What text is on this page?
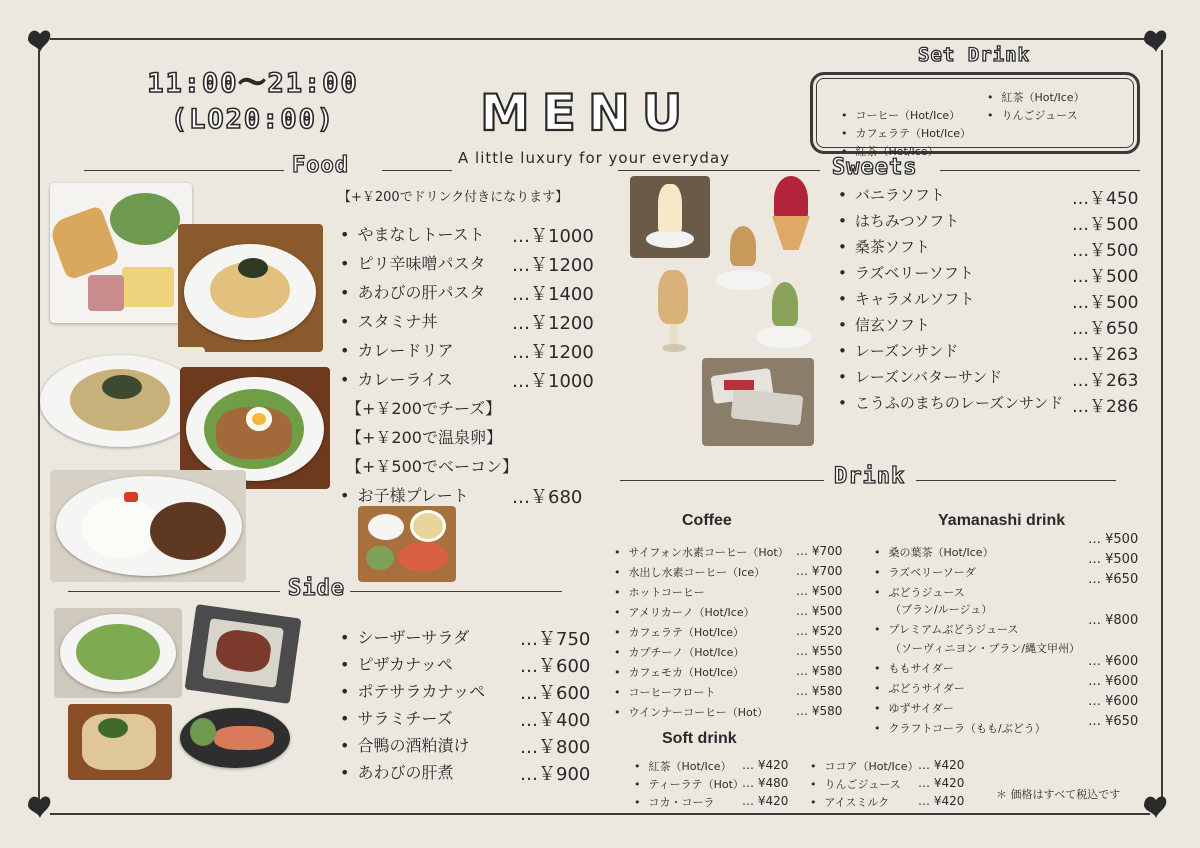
11:00～21:00
(LO20:00)	MENU
A little luxury for your everyday
Food
【+￥200でドリンク付きになります】
• やまなしトースト …￥1000
• ピリ辛味噌パスタ …￥1200
• あわびの肝パスタ …￥1400
• スタミナ丼	…￥1200
• カレードリア	…￥1200
• カレーライス	…￥1000
【+￥200でチーズ】
【+￥200で温泉卵】
【+￥500でベーコン】
• お子様プレート …￥680
Side
• シーザーサラダ	…￥750
• ピザカナッペ	…￥600
• ポテサラカナッペ …￥600
• サラミチーズ	…￥400
• 合鴨の酒粕漬け	…￥800
• あわびの肝煮	…￥900
Set Drink
• コーヒー（Hot/Ice）
• カフェラテ（Hot/Ice）
• 紅茶（Hot/Ice）
• 紅茶（Hot/Ice）
• りんごジュース
Sweets
• バニラソフト	…￥450
• はちみつソフト	…￥500
• 桑茶ソフト	…￥500
• ラズベリーソフト	…￥500
• キャラメルソフト	…￥500
• 信玄ソフト	…￥650
• レーズンサンド	…￥263
• レーズンバターサンド	…￥263
• こうふのまちのレーズンサンド …￥286
Drink
Coffee
• サイフォン水素コーヒー（Hot） … ¥700
• 水出し水素コーヒー（Ice）	… ¥700
• ホットコーヒー	… ¥500
• アメリカーノ（Hot/Ice）	… ¥500
• カフェラテ（Hot/Ice）	… ¥520
• カプチーノ（Hot/Ice）	… ¥550
• カフェモカ（Hot/Ice）	… ¥580
• コーヒーフロート	… ¥580
• ウインナーコーヒー（Hot） … ¥580
Yamanashi drink
• 桑の葉茶（Hot/Ice）
… ¥500
• ラズベリーソーダ
… ¥500
• ぶどうジュース
… ¥650
（ブラン/ルージュ）
• プレミアムぶどうジュース
… ¥800
（ソーヴィニヨン・ブラン/縄文甲州）
• ももサイダー	… ¥600
• ぶどうサイダー	… ¥600
• ゆずサイダー	… ¥600
• クラフトコーラ（もも/ぶどう）	… ¥650
Soft drink
• 紅茶（Hot/Ice） … ¥420
• ティーラテ（Hot）
… ¥480
• コカ・コーラ … ¥420
• ココア（Hot/Ice） … ¥420
• りんごジュース … ¥420
• アイスミルク … ¥420	＊ 価格はすべて税込です
